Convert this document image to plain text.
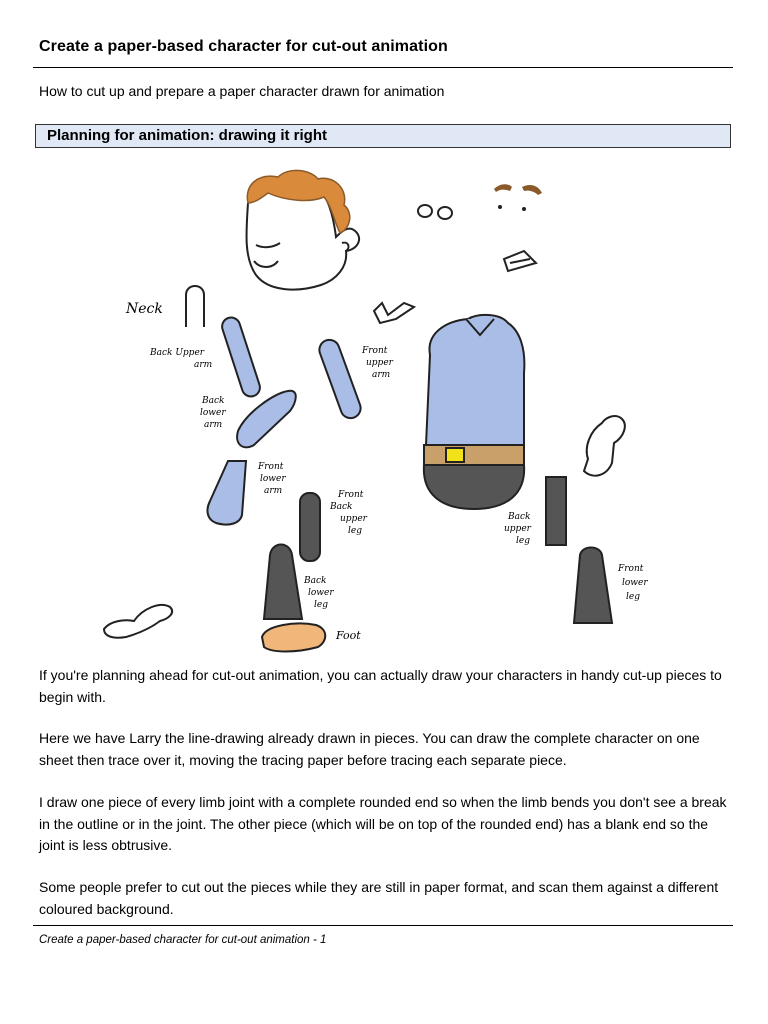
Create a paper-based character for cut-out animation
How to cut up and prepare a paper character drawn for animation
Planning for animation: drawing it right
Neck
Back Upper arm
Front upper arm
Back lower arm
Front lower arm	Front Back upper leg
Back upper leg
Back lower leg
Front lower leg
Foot

If you're planning ahead for cut-out animation, you can actually draw your characters in handy cut-up pieces to begin with.

Here we have Larry the line-drawing already drawn in pieces. You can draw the complete character on one sheet then trace over it, moving the tracing paper before tracing each separate piece.

I draw one piece of every limb joint with a complete rounded end so when the limb bends you don't see a break in the outline or in the joint. The other piece (which will be on top of the rounded end) has a blank end so the joint is less obtrusive.

Some people prefer to cut out the pieces while they are still in paper format, and scan them against a different coloured background.

Create a paper-based character for cut-out animation - 1
